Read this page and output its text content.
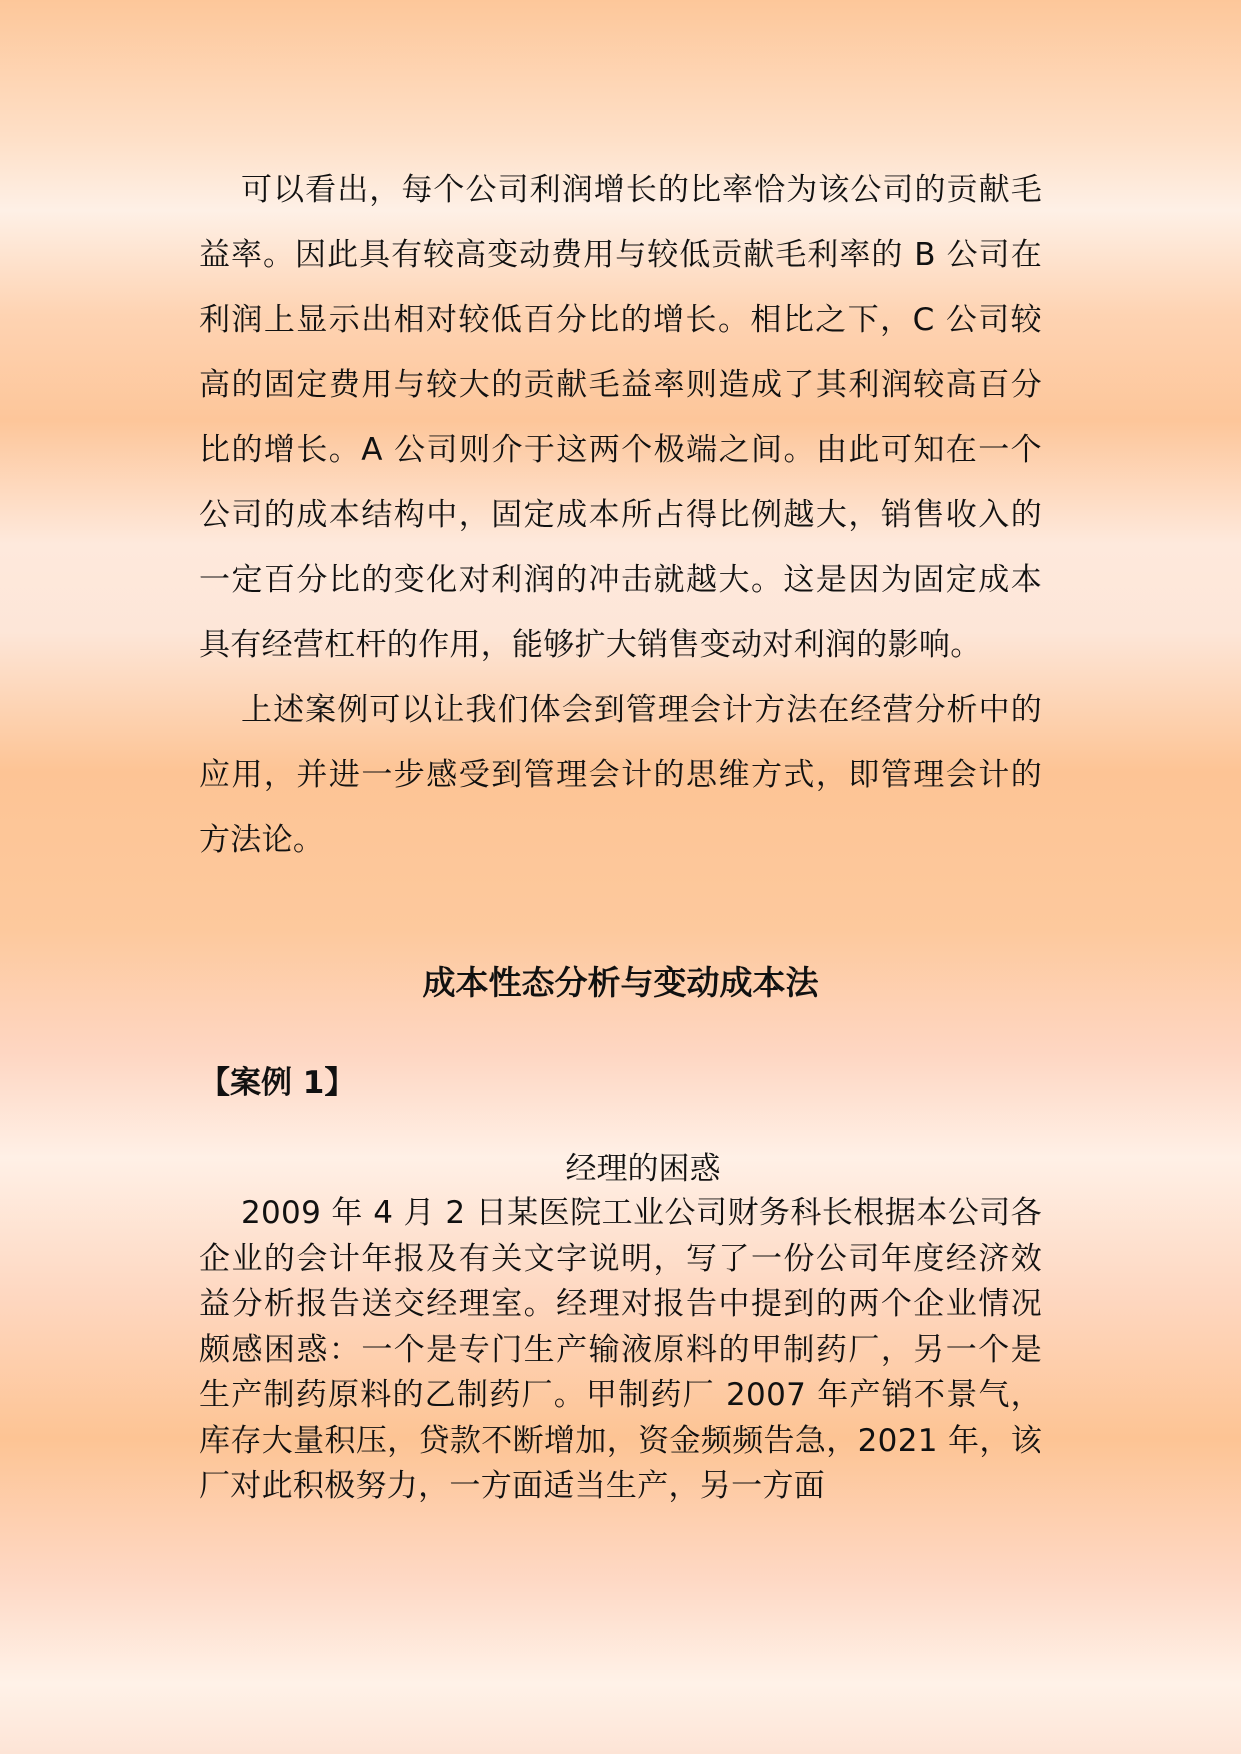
可以看出，每个公司利润增长的比率恰为该公司的贡献毛益率。因此具有较高变动费用与较低贡献毛利率的 B 公司在利润上显示出相对较低百分比的增长。相比之下，C 公司较高的固定费用与较大的贡献毛益率则造成了其利润较高百分比的增长。A 公司则介于这两个极端之间。由此可知在一个公司的成本结构中，固定成本所占得比例越大，销售收入的一定百分比的变化对利润的冲击就越大。这是因为固定成本具有经营杠杆的作用，能够扩大销售变动对利润的影响。

上述案例可以让我们体会到管理会计方法在经营分析中的应用，并进一步感受到管理会计的思维方式，即管理会计的方法论。

成本性态分析与变动成本法
【案例 1】
经理的困惑

2009 年 4 月 2 日某医院工业公司财务科长根据本公司各企业的会计年报及有关文字说明，写了一份公司年度经济效益分析报告送交经理室。经理对报告中提到的两个企业情况颇感困惑：一个是专门生产输液原料的甲制药厂，另一个是生产制药原料的乙制药厂。甲制药厂 2007 年产销不景气，库存大量积压，贷款不断增加，资金频频告急，2021 年，该厂对此积极努力，一方面适当生产，另一方面
